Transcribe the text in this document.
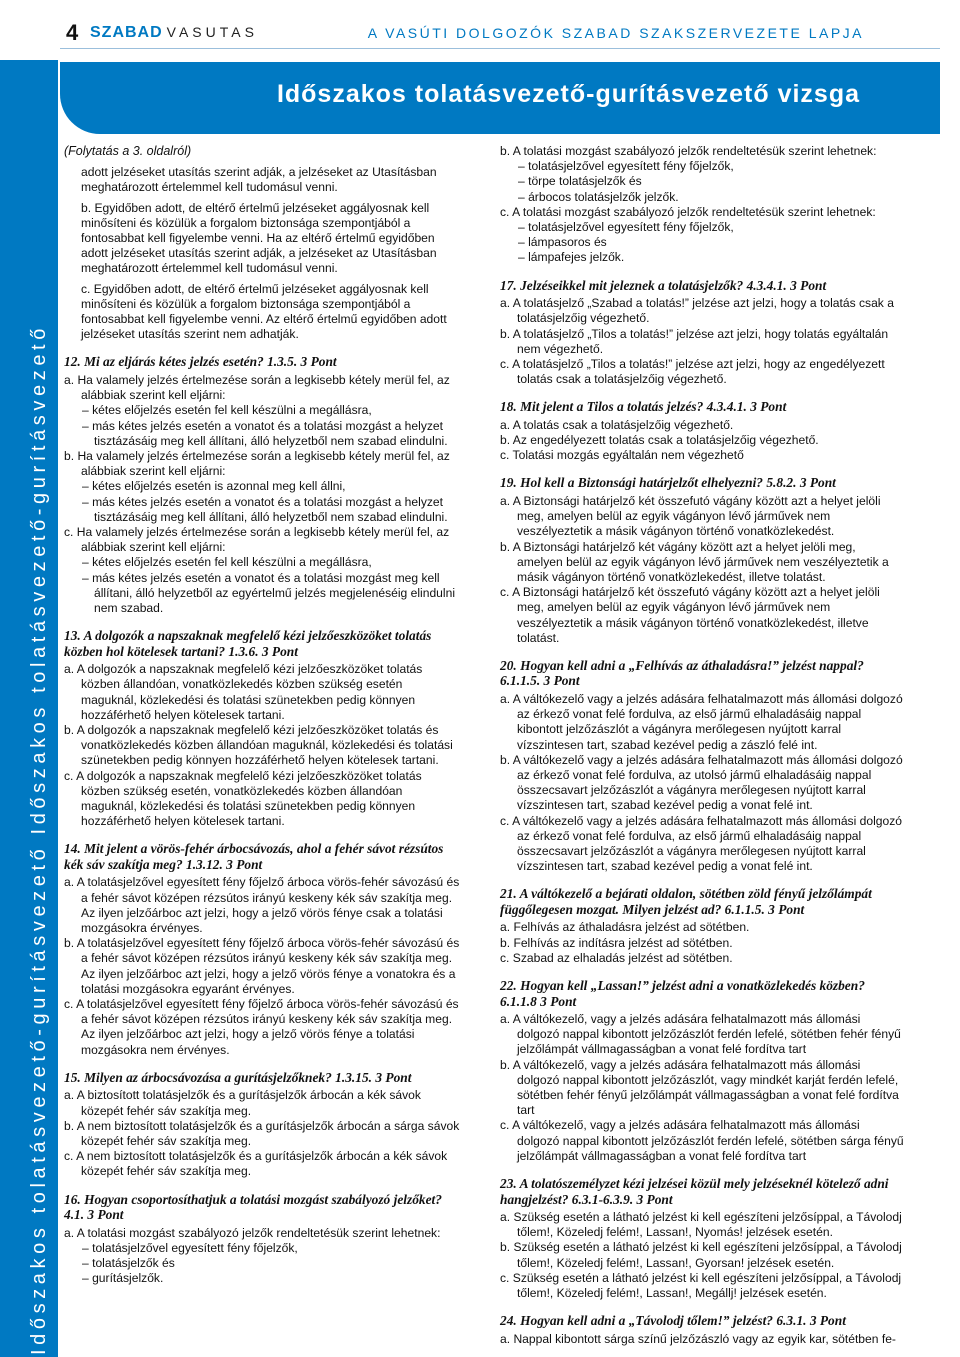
4 SZABAD VASUTAS	A VASÚTI DOLGOZÓK SZABAD SZAKSZERVEZETE LAPJA
Időszakos tolatásvezető-gurításvezető Időszakos tolatásvezető-gurításvezető
Időszakos tolatásvezető-gurításvezető vizsga
(Folytatás a 3. oldalról)
adott jelzéseket utasítás szerint adják, a jelzéseket az Utasításban meghatározott értelemmel kell tudomásul venni.
b. Egyidőben adott, de eltérő értelmű jelzéseket aggályosnak kell minősíteni és közülük a forgalom biztonsága szempontjából a fontosabbat kell figyelembe venni. Ha az eltérő értelmű egyidőben adott jelzéseket utasítás szerint adják, a jelzéseket az Utasításban meghatározott értelemmel kell tudomásul venni.
c. Egyidőben adott, de eltérő értelmű jelzéseket aggályosnak kell minősíteni és közülük a forgalom biztonsága szempontjából a fontosabbat kell figyelembe venni. Az eltérő értelmű egyidőben adott jelzéseket utasítás szerint nem adhatják.
12. Mi az eljárás kétes jelzés esetén? 1.3.5. 3 Pont
a. Ha valamely jelzés értelmezése során a legkisebb kétely merül fel, az alábbiak szerint kell eljárni:
– kétes előjelzés esetén fel kell készülni a megállásra,
– más kétes jelzés esetén a vonatot és a tolatási mozgást a helyzet tisztázásáig meg kell állítani, álló helyzetből nem szabad elindulni.
b. Ha valamely jelzés értelmezése során a legkisebb kétely merül fel, az alábbiak szerint kell eljárni:
– kétes előjelzés esetén is azonnal meg kell állni,
– más kétes jelzés esetén a vonatot és a tolatási mozgást a helyzet tisztázásáig meg kell állítani, álló helyzetből nem szabad elindulni.
c. Ha valamely jelzés értelmezése során a legkisebb kétely merül fel, az alábbiak szerint kell eljárni:
– kétes előjelzés esetén fel kell készülni a megállásra,
– más kétes jelzés esetén a vonatot és a tolatási mozgást meg kell állítani, álló helyzetből az egyértelmű jelzés megjelenéséig elindulni nem szabad.
13. A dolgozók a napszaknak megfelelő kézi jelzőeszközöket tolatás közben hol kötelesek tartani? 1.3.6. 3 Pont
a. A dolgozók a napszaknak megfelelő kézi jelzőeszközöket tolatás közben állandóan, vonatközlekedés közben szükség esetén maguknál, közlekedési és tolatási szünetekben pedig könnyen hozzáférhető helyen kötelesek tartani.
b. A dolgozók a napszaknak megfelelő kézi jelzőeszközöket tolatás és vonatközlekedés közben állandóan maguknál, közlekedési és tolatási szünetekben pedig könnyen hozzáférhető helyen kötelesek tartani.
c. A dolgozók a napszaknak megfelelő kézi jelzőeszközöket tolatás közben szükség esetén, vonatközlekedés közben állandóan maguknál, közlekedési és tolatási szünetekben pedig könnyen hozzáférhető helyen kötelesek tartani.
14. Mit jelent a vörös-fehér árbocsávozás, ahol a fehér sávot rézsútos kék sáv szakítja meg? 1.3.12. 3 Pont
a. A tolatásjelzővel egyesített fény főjelző árboca vörös-fehér sávozású és a fehér sávot középen rézsútos irányú keskeny kék sáv szakítja meg. Az ilyen jelzőárboc azt jelzi, hogy a jelző vörös fénye csak a tolatási mozgásokra érvényes.
b. A tolatásjelzővel egyesített fény főjelző árboca vörös-fehér sávozású és a fehér sávot középen rézsútos irányú keskeny kék sáv szakítja meg. Az ilyen jelzőárboc azt jelzi, hogy a jelző vörös fénye a vonatokra és a tolatási mozgásokra egyaránt érvényes.
c. A tolatásjelzővel egyesített fény főjelző árboca vörös-fehér sávozású és a fehér sávot középen rézsútos irányú keskeny kék sáv szakítja meg. Az ilyen jelzőárboc azt jelzi, hogy a jelző vörös fénye a tolatási mozgásokra nem érvényes.
15. Milyen az árbocsávozása a gurításjelzőknek? 1.3.15. 3 Pont
a. A biztosított tolatásjelzők és a gurításjelzők árbocán a kék sávok közepét fehér sáv szakítja meg.
b. A nem biztosított tolatásjelzők és a gurításjelzők árbocán a sárga sávok közepét fehér sáv szakítja meg.
c. A nem biztosított tolatásjelzők és a gurításjelzők árbocán a kék sávok közepét fehér sáv szakítja meg.
16. Hogyan csoportosíthatjuk a tolatási mozgást szabályozó jelzőket? 4.1. 3 Pont
a. A tolatási mozgást szabályozó jelzők rendeltetésük szerint lehetnek:
– tolatásjelzővel egyesített fény főjelzők,
– tolatásjelzők és
– gurításjelzők.
b. A tolatási mozgást szabályozó jelzők rendeltetésük szerint lehetnek:
– tolatásjelzővel egyesített fény főjelzők,
– törpe tolatásjelzők és
– árbocos tolatásjelzők jelzők.
c. A tolatási mozgást szabályozó jelzők rendeltetésük szerint lehetnek:
– tolatásjelzővel egyesített fény főjelzők,
– lámpasoros és
– lámpafejes jelzők.
17. Jelzéseikkel mit jeleznek a tolatásjelzők? 4.3.4.1. 3 Pont
a. A tolatásjelző „Szabad a tolatás!” jelzése azt jelzi, hogy a tolatás csak a tolatásjelzőig végezhető.
b. A tolatásjelző „Tilos a tolatás!” jelzése azt jelzi, hogy tolatás egyáltalán nem végezhető.
c. A tolatásjelző „Tilos a tolatás!” jelzése azt jelzi, hogy az engedélyezett tolatás csak a tolatásjelzőig végezhető.
18. Mit jelent a Tilos a tolatás jelzés? 4.3.4.1. 3 Pont
a. A tolatás csak a tolatásjelzőig végezhető.
b. Az engedélyezett tolatás csak a tolatásjelzőig végezhető.
c. Tolatási mozgás egyáltalán nem végezhető
19. Hol kell a Biztonsági határjelzőt elhelyezni? 5.8.2. 3 Pont
a. A Biztonsági határjelző két összefutó vágány között azt a helyet jelöli meg, amelyen belül az egyik vágányon lévő járművek nem veszélyeztetik a másik vágányon történő vonatközlekedést.
b. A Biztonsági határjelző két vágány között azt a helyet jelöli meg, amelyen belül az egyik vágányon lévő járművek nem veszélyeztetik a másik vágányon történő vonatközlekedést, illetve tolatást.
c. A Biztonsági határjelző két összefutó vágány között azt a helyet jelöli meg, amelyen belül az egyik vágányon lévő járművek nem veszélyeztetik a másik vágányon történő vonatközlekedést, illetve tolatást.
20. Hogyan kell adni a „Felhívás az áthaladásra!” jelzést nappal? 6.1.1.5. 3 Pont
a. A váltókezelő vagy a jelzés adására felhatalmazott más állomási dolgozó az érkező vonat felé fordulva, az első jármű elhaladásáig nappal kibontott jelzőzászlót a vágányra merőlegesen nyújtott karral vízszintesen tart, szabad kezével pedig a zászló felé int.
b. A váltókezelő vagy a jelzés adására felhatalmazott más állomási dolgozó az érkező vonat felé fordulva, az utolsó jármű elhaladásáig nappal összecsavart jelzőzászlót a vágányra merőlegesen nyújtott karral vízszintesen tart, szabad kezével pedig a vonat felé int.
c. A váltókezelő vagy a jelzés adására felhatalmazott más állomási dolgozó az érkező vonat felé fordulva, az első jármű elhaladásáig nappal összecsavart jelzőzászlót a vágányra merőlegesen nyújtott karral vízszintesen tart, szabad kezével pedig a vonat felé int.
21. A váltókezelő a bejárati oldalon, sötétben zöld fényű jelzőlámpát függőlegesen mozgat. Milyen jelzést ad? 6.1.1.5. 3 Pont
a. Felhívás az áthaladásra jelzést ad sötétben.
b. Felhívás az indításra jelzést ad sötétben.
c. Szabad az elhaladás jelzést ad sötétben.
22. Hogyan kell „Lassan!” jelzést adni a vonatközlekedés közben? 6.1.1.8 3 Pont
a. A váltókezelő, vagy a jelzés adására felhatalmazott más állomási dolgozó nappal kibontott jelzőzászlót ferdén lefelé, sötétben fehér fényű jelzőlámpát vállmagasságban a vonat felé fordítva tart
b. A váltókezelő, vagy a jelzés adására felhatalmazott más állomási dolgozó nappal kibontott jelzőzászlót, vagy mindkét karját ferdén lefelé, sötétben fehér fényű jelzőlámpát vállmagasságban a vonat felé fordítva tart
c. A váltókezelő, vagy a jelzés adására felhatalmazott más állomási dolgozó nappal kibontott jelzőzászlót ferdén lefelé, sötétben sárga fényű jelzőlámpát vállmagasságban a vonat felé fordítva tart
23. A tolatószemélyzet kézi jelzései közül mely jelzéseknél kötelező adni hangjelzést? 6.3.1-6.3.9. 3 Pont
a. Szükség esetén a látható jelzést ki kell egészíteni jelzősíppal, a Távolodj tőlem!, Közeledj felém!, Lassan!, Nyomás! jelzések esetén.
b. Szükség esetén a látható jelzést ki kell egészíteni jelzősíppal, a Távolodj tőlem!, Közeledj felém!, Lassan!, Gyorsan! jelzések esetén.
c. Szükség esetén a látható jelzést ki kell egészíteni jelzősíppal, a Távolodj tőlem!, Közeledj felém!, Lassan!, Megállj! jelzések esetén.
24. Hogyan kell adni a „Távolodj tőlem!” jelzést? 6.3.1. 3 Pont
a. Nappal kibontott sárga színű jelzőzászló vagy az egyik kar, sötétben fe-
